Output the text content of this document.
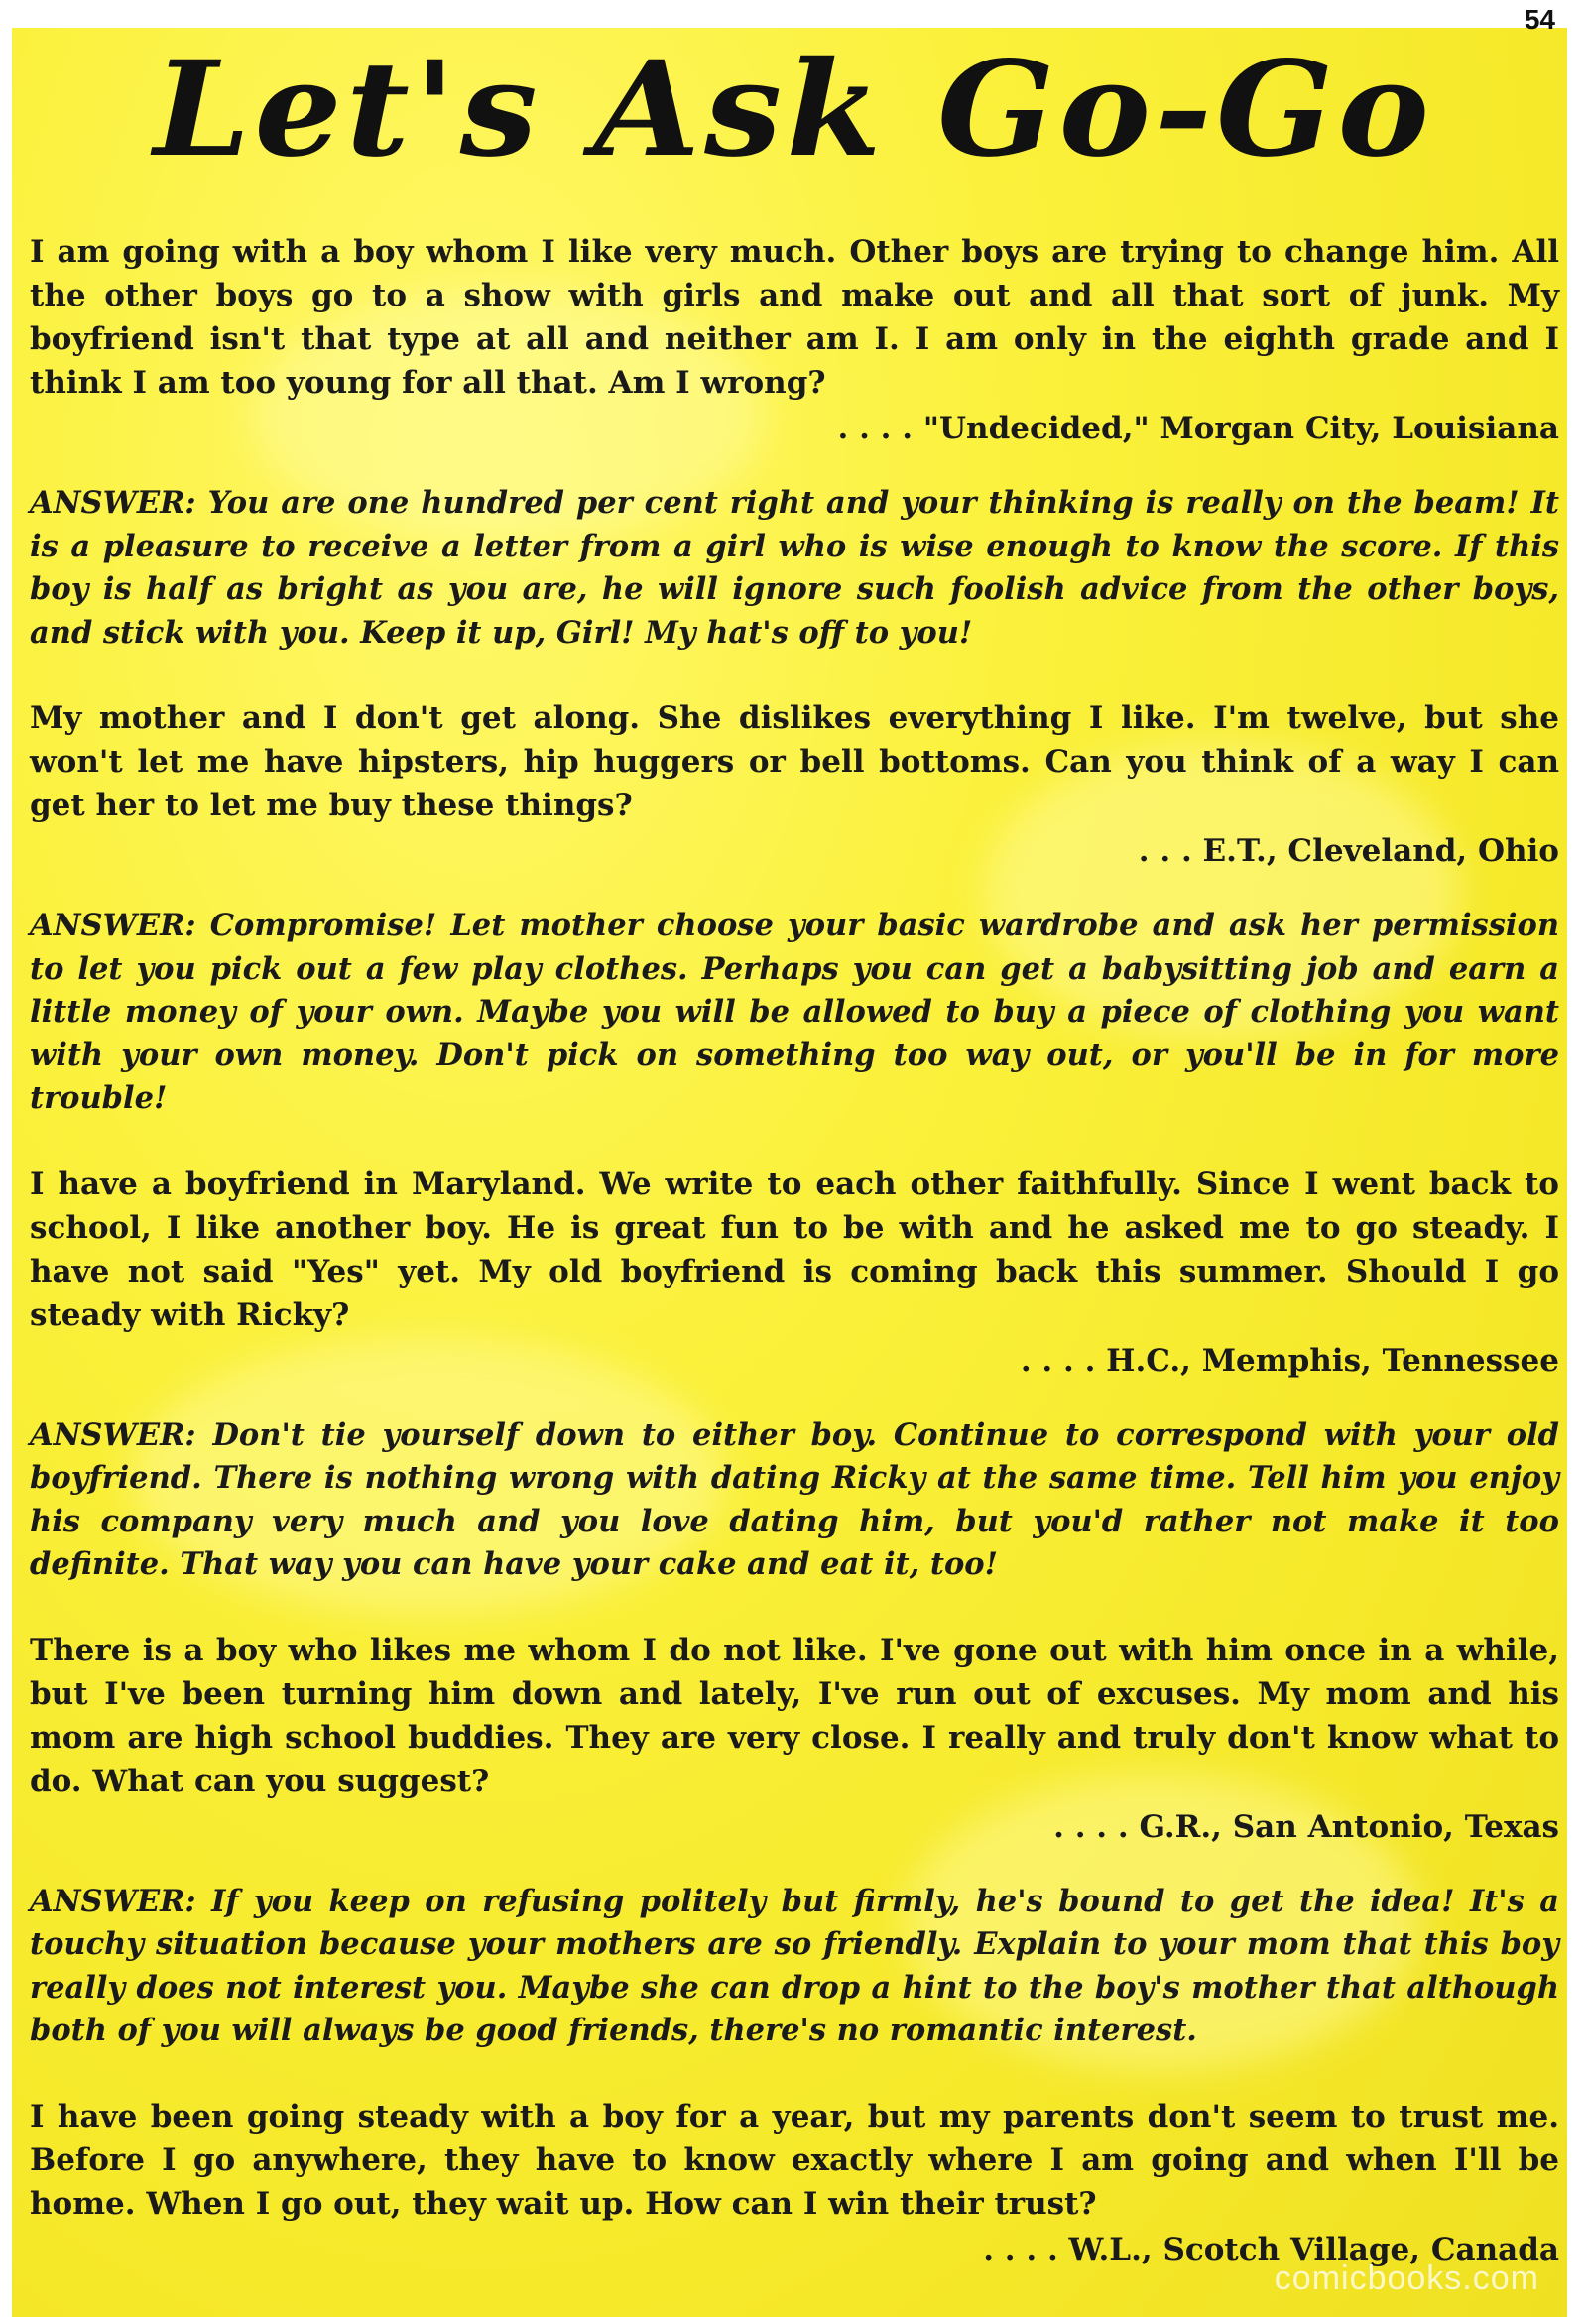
54
Let's Ask Go-Go

I am going with a boy whom I like very much. Other boys are trying to change him. All the other boys go to a show with girls and make out and all that sort of junk. My boyfriend isn't that type at all and neither am I. I am only in the eighth grade and I think I am too young for all that. Am I wrong?

. . . . "Undecided," Morgan City, Louisiana

ANSWER: You are one hundred per cent right and your thinking is really on the beam! It is a pleasure to receive a letter from a girl who is wise enough to know the score. If this boy is half as bright as you are, he will ignore such foolish advice from the other boys, and stick with you. Keep it up, Girl! My hat's off to you!

My mother and I don't get along. She dislikes everything I like. I'm twelve, but she won't let me have hipsters, hip huggers or bell bottoms. Can you think of a way I can get her to let me buy these things?

. . . E.T., Cleveland, Ohio

ANSWER: Compromise! Let mother choose your basic wardrobe and ask her permission to let you pick out a few play clothes. Perhaps you can get a babysitting job and earn a little money of your own. Maybe you will be allowed to buy a piece of clothing you want with your own money. Don't pick on something too way out, or you'll be in for more trouble!

I have a boyfriend in Maryland. We write to each other faithfully. Since I went back to school, I like another boy. He is great fun to be with and he asked me to go steady. I have not said "Yes" yet. My old boyfriend is coming back this summer. Should I go steady with Ricky?

. . . . H.C., Memphis, Tennessee

ANSWER: Don't tie yourself down to either boy. Continue to correspond with your old boyfriend. There is nothing wrong with dating Ricky at the same time. Tell him you enjoy his company very much and you love dating him, but you'd rather not make it too definite. That way you can have your cake and eat it, too!

There is a boy who likes me whom I do not like. I've gone out with him once in a while, but I've been turning him down and lately, I've run out of excuses. My mom and his mom are high school buddies. They are very close. I really and truly don't know what to do. What can you suggest?

. . . . G.R., San Antonio, Texas

ANSWER: If you keep on refusing politely but firmly, he's bound to get the idea! It's a touchy situation because your mothers are so friendly. Explain to your mom that this boy really does not interest you. Maybe she can drop a hint to the boy's mother that although both of you will always be good friends, there's no romantic interest.

I have been going steady with a boy for a year, but my parents don't seem to trust me. Before I go anywhere, they have to know exactly where I am going and when I'll be home. When I go out, they wait up. How can I win their trust?

. . . . W.L., Scotch Village, Canada

comicbooks.com
